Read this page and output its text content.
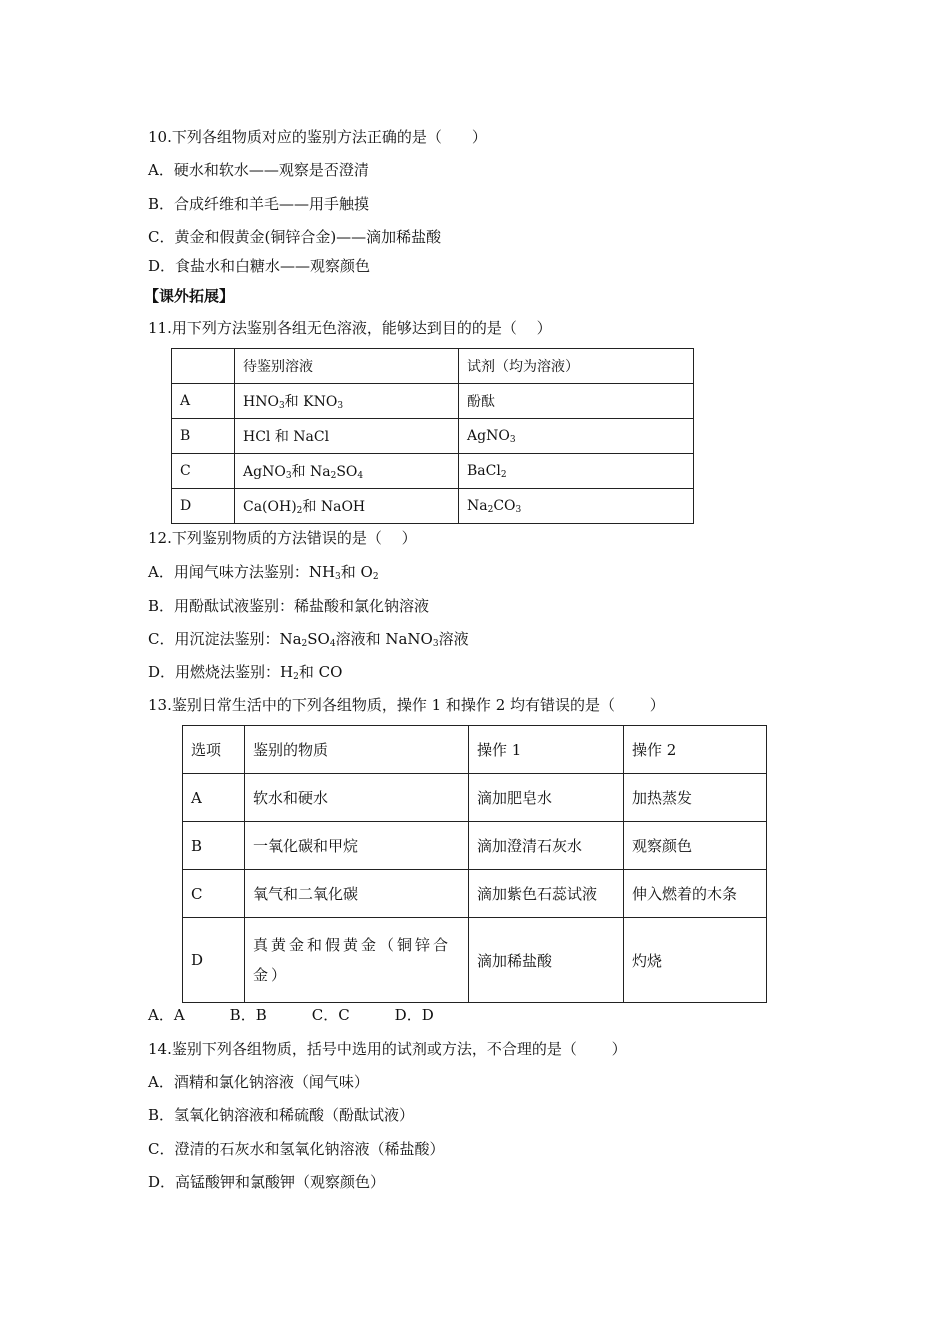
10.下列各组物质对应的鉴别方法正确的是（　　）
A．硬水和软水——观察是否澄清
B．合成纤维和羊毛——用手触摸
C．黄金和假黄金(铜锌合金)——滴加稀盐酸
D．食盐水和白糖水——观察颜色
【课外拓展】
11.用下列方法鉴别各组无色溶液，能够达到目的的是（　 ）
	待鉴别溶液	试剂（均为溶液）
A	$HNO_3$和 $KNO_3$	酚酞
B	HCl 和 NaCl	AgNO$_3$
C	AgNO$_3$和 $Na_2SO_4$	BaCl$_2$
D	$Ca(OH)_2$和 NaOH	$Na_2CO_3$
12.下列鉴别物质的方法错误的是（　 ）
A．用闻气味方法鉴别：$NH_3$和 $O_2$
B．用酚酞试液鉴别：稀盐酸和氯化钠溶液
C．用沉淀法鉴别：$Na_2SO_4$溶液和 NaNO$_3$溶液
D．用燃烧法鉴别：$H_2$和 CO
13.鉴别日常生活中的下列各组物质，操作 1 和操作 2 均有错误的是（　　 ）
选项	鉴别的物质	操作 1	操作 2
A	软水和硬水	滴加肥皂水	加热蒸发
B	一氧化碳和甲烷	滴加澄清石灰水	观察颜色
C	氧气和二氧化碳	滴加紫色石蕊试液	伸入燃着的木条
D	真黄金和假黄金（铜锌合金）	滴加稀盐酸	灼烧
A．A　　　B．B　　　C．C　　　D．D
14.鉴别下列各组物质，括号中选用的试剂或方法，不合理的是（　　 ）
A．酒精和氯化钠溶液（闻气味）
B．氢氧化钠溶液和稀硫酸（酚酞试液）
C．澄清的石灰水和氢氧化钠溶液（稀盐酸）
D．高锰酸钾和氯酸钾（观察颜色）
